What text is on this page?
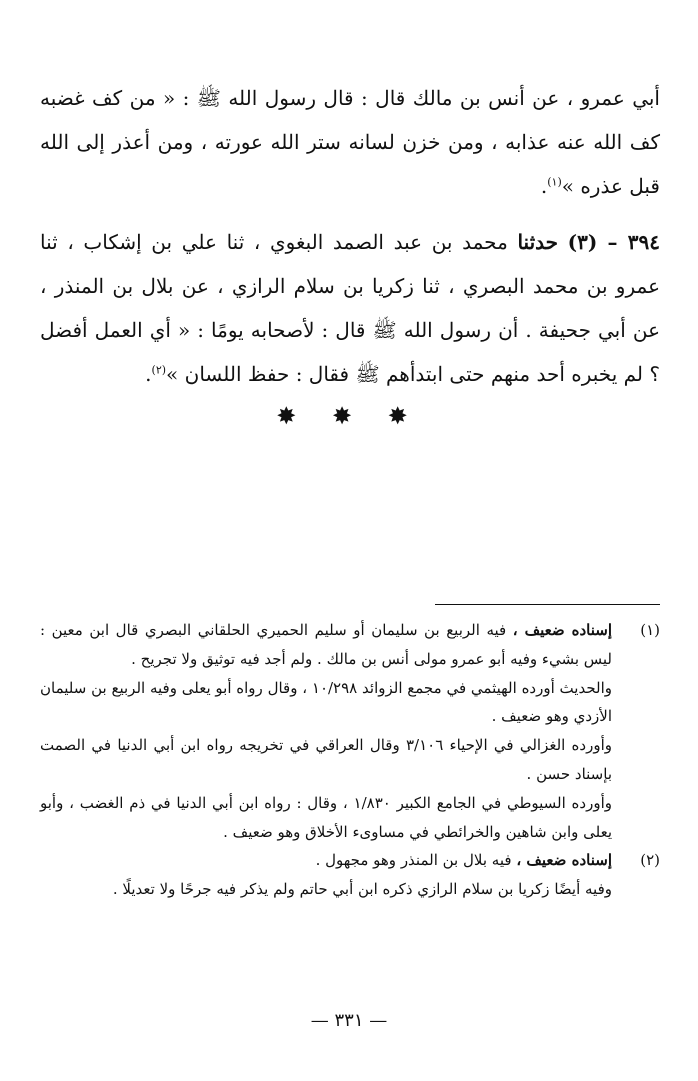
أبي عمرو ، عن أنس بن مالك قال : قال رسول الله ﷺ : « من كف غضبه كف الله عنه عذابه ، ومن خزن لسانه ستر الله عورته ، ومن أعذر إلى الله قبل عذره »$^{(١)}$.

٣٩٤ – (٣) حدثنا محمد بن عبد الصمد البغوي ، ثنا علي بن إشكاب ، ثنا عمرو بن محمد البصري ، ثنا زكريا بن سلام الرازي ، عن بلال بن المنذر ، عن أبي جحيفة . أن رسول الله ﷺ قال : لأصحابه يومًا : « أي العمل أفضل ؟ لم يخبره أحد منهم حتى ابتدأهم ﷺ فقال : حفظ اللسان »$^{(٢)}$.

✸ ✸ ✸
(١)

إسناده ضعيف ، فيه الربيع بن سليمان أو سليم الحميري الحلقاني البصري قال ابن معين : ليس بشيء وفيه أبو عمرو مولى أنس بن مالك . ولم أجد فيه توثيق ولا تجريح .

والحديث أورده الهيثمي في مجمع الزوائد ١٠/٢٩٨ ، وقال رواه أبو يعلى وفيه الربيع بن سليمان الأزدي وهو ضعيف .

وأورده الغزالي في الإحياء ٣/١٠٦ وقال العراقي في تخريجه رواه ابن أبي الدنيا في الصمت بإسناد حسن .

وأورده السيوطي في الجامع الكبير ١/٨٣٠ ، وقال : رواه ابن أبي الدنيا في ذم الغضب ، وأبو يعلى وابن شاهين والخرائطي في مساوىء الأخلاق وهو ضعيف .

(٢)

إسناده ضعيف ، فيه بلال بن المنذر وهو مجهول .

وفيه أيضًا زكريا بن سلام الرازي ذكره ابن أبي حاتم ولم يذكر فيه جرحًا ولا تعديلًا .

— ٣٣١ —
